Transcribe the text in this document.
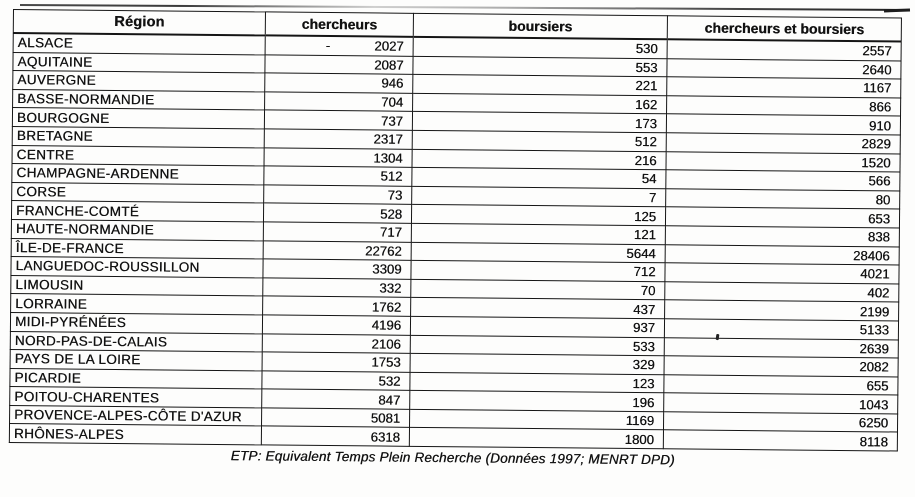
Région	chercheurs	boursiers	chercheurs et boursiers
ALSACE	- 2027	530	2557
AQUITAINE	2087	553	2640
AUVERGNE	946	221	1167
BASSE-NORMANDIE	704	162	866
BOURGOGNE	737	173	910
BRETAGNE	2317	512	2829
CENTRE	1304	216	1520
CHAMPAGNE-ARDENNE	512	54	566
CORSE	73	7	80
FRANCHE-COMTÉ	528	125	653
HAUTE-NORMANDIE	717	121	838
ÎLE-DE-FRANCE	22762	5644	28406
LANGUEDOC-ROUSSILLON	3309	712	4021
LIMOUSIN	332	70	402
LORRAINE	1762	437	2199
MIDI-PYRÉNÉES	4196	937	5133
NORD-PAS-DE-CALAIS	2106	533	2639
PAYS DE LA LOIRE	1753	329	2082
PICARDIE	532	123	655
POITOU-CHARENTES	847	196	1043
PROVENCE-ALPES-CÔTE D'AZUR	5081	1169	6250
RHÔNES-ALPES	6318	1800	8118
ETP: Equivalent Temps Plein Recherche (Données 1997; MENRT DPD)
